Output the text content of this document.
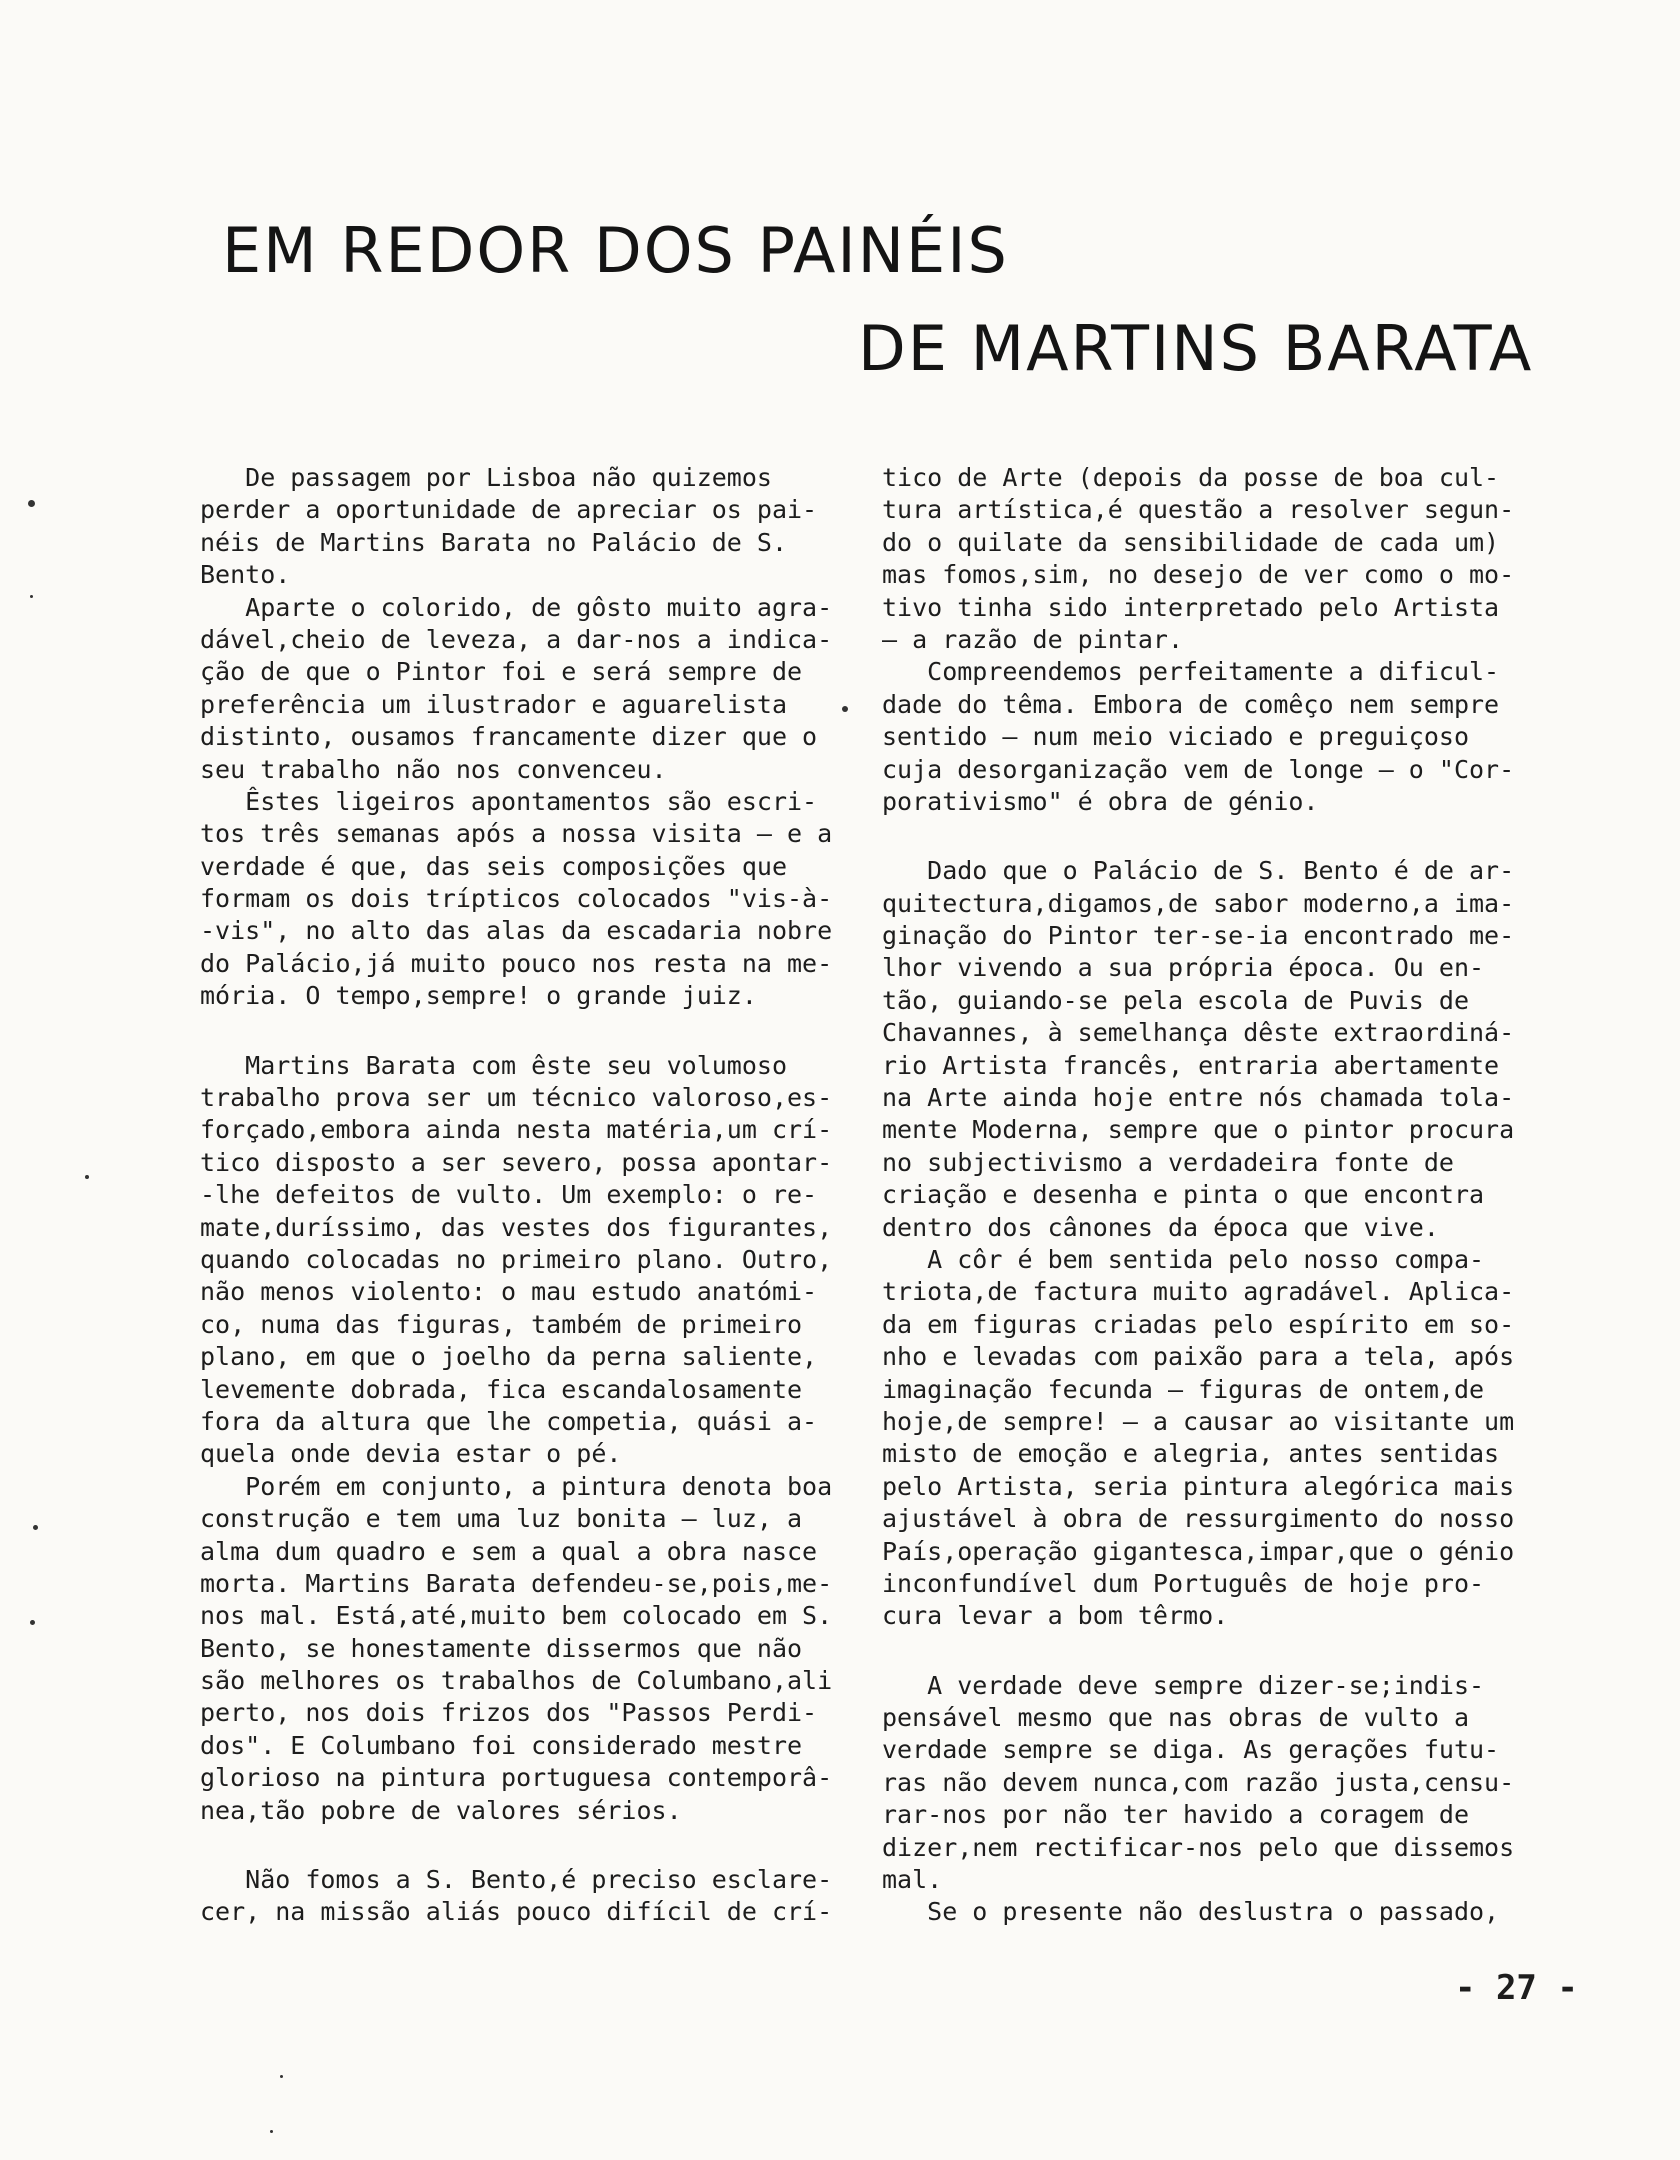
EM REDOR DOS PAINÉIS
DE MARTINS BARATA
De passagem por Lisboa não quizemos
perder a oportunidade de apreciar os pai-
néis de Martins Barata no Palácio de S.
Bento.
Aparte o colorido, de gôsto muito agra-
dável,cheio de leveza, a dar-nos a indica-
ção de que o Pintor foi e será sempre de
preferência um ilustrador e aguarelista
distinto, ousamos francamente dizer que o
seu trabalho não nos convenceu.
Êstes ligeiros apontamentos são escri-
tos três semanas após a nossa visita — e a
verdade é que, das seis composições que
formam os dois trípticos colocados "vis-à-
-vis", no alto das alas da escadaria nobre
do Palácio,já muito pouco nos resta na me-
mória. O tempo,sempre! o grande juiz.
Martins Barata com êste seu volumoso
trabalho prova ser um técnico valoroso,es-
forçado,embora ainda nesta matéria,um crí-
tico disposto a ser severo, possa apontar-
-lhe defeitos de vulto. Um exemplo: o re-
mate,duríssimo, das vestes dos figurantes,
quando colocadas no primeiro plano. Outro,
não menos violento: o mau estudo anatómi-
co, numa das figuras, também de primeiro
plano, em que o joelho da perna saliente,
levemente dobrada, fica escandalosamente
fora da altura que lhe competia, quási a-
quela onde devia estar o pé.
Porém em conjunto, a pintura denota boa
construção e tem uma luz bonita — luz, a
alma dum quadro e sem a qual a obra nasce
morta. Martins Barata defendeu-se,pois,me-
nos mal. Está,até,muito bem colocado em S.
Bento, se honestamente dissermos que não
são melhores os trabalhos de Columbano,ali
perto, nos dois frizos dos "Passos Perdi-
dos". E Columbano foi considerado mestre
glorioso na pintura portuguesa contemporâ-
nea,tão pobre de valores sérios.
Não fomos a S. Bento,é preciso esclare-
cer, na missão aliás pouco difícil de crí-
tico de Arte (depois da posse de boa cul-
tura artística,é questão a resolver segun-
do o quilate da sensibilidade de cada um)
mas fomos,sim, no desejo de ver como o mo-
tivo tinha sido interpretado pelo Artista
— a razão de pintar.
Compreendemos perfeitamente a dificul-
dade do têma. Embora de comêço nem sempre
sentido — num meio viciado e preguiçoso
cuja desorganização vem de longe — o "Cor-
porativismo" é obra de génio.
Dado que o Palácio de S. Bento é de ar-
quitectura,digamos,de sabor moderno,a ima-
ginação do Pintor ter-se-ia encontrado me-
lhor vivendo a sua própria época. Ou en-
tão, guiando-se pela escola de Puvis de
Chavannes, à semelhança dêste extraordiná-
rio Artista francês, entraria abertamente
na Arte ainda hoje entre nós chamada tola-
mente Moderna, sempre que o pintor procura
no subjectivismo a verdadeira fonte de
criação e desenha e pinta o que encontra
dentro dos cânones da época que vive.
A côr é bem sentida pelo nosso compa-
triota,de factura muito agradável. Aplica-
da em figuras criadas pelo espírito em so-
nho e levadas com paixão para a tela, após
imaginação fecunda — figuras de ontem,de
hoje,de sempre! — a causar ao visitante um
misto de emoção e alegria, antes sentidas
pelo Artista, seria pintura alegórica mais
ajustável à obra de ressurgimento do nosso
País,operação gigantesca,impar,que o génio
inconfundível dum Português de hoje pro-
cura levar a bom têrmo.
A verdade deve sempre dizer-se;indis-
pensável mesmo que nas obras de vulto a
verdade sempre se diga. As gerações futu-
ras não devem nunca,com razão justa,censu-
rar-nos por não ter havido a coragem de
dizer,nem rectificar-nos pelo que dissemos
mal.
Se o presente não deslustra o passado,
- 27 -
